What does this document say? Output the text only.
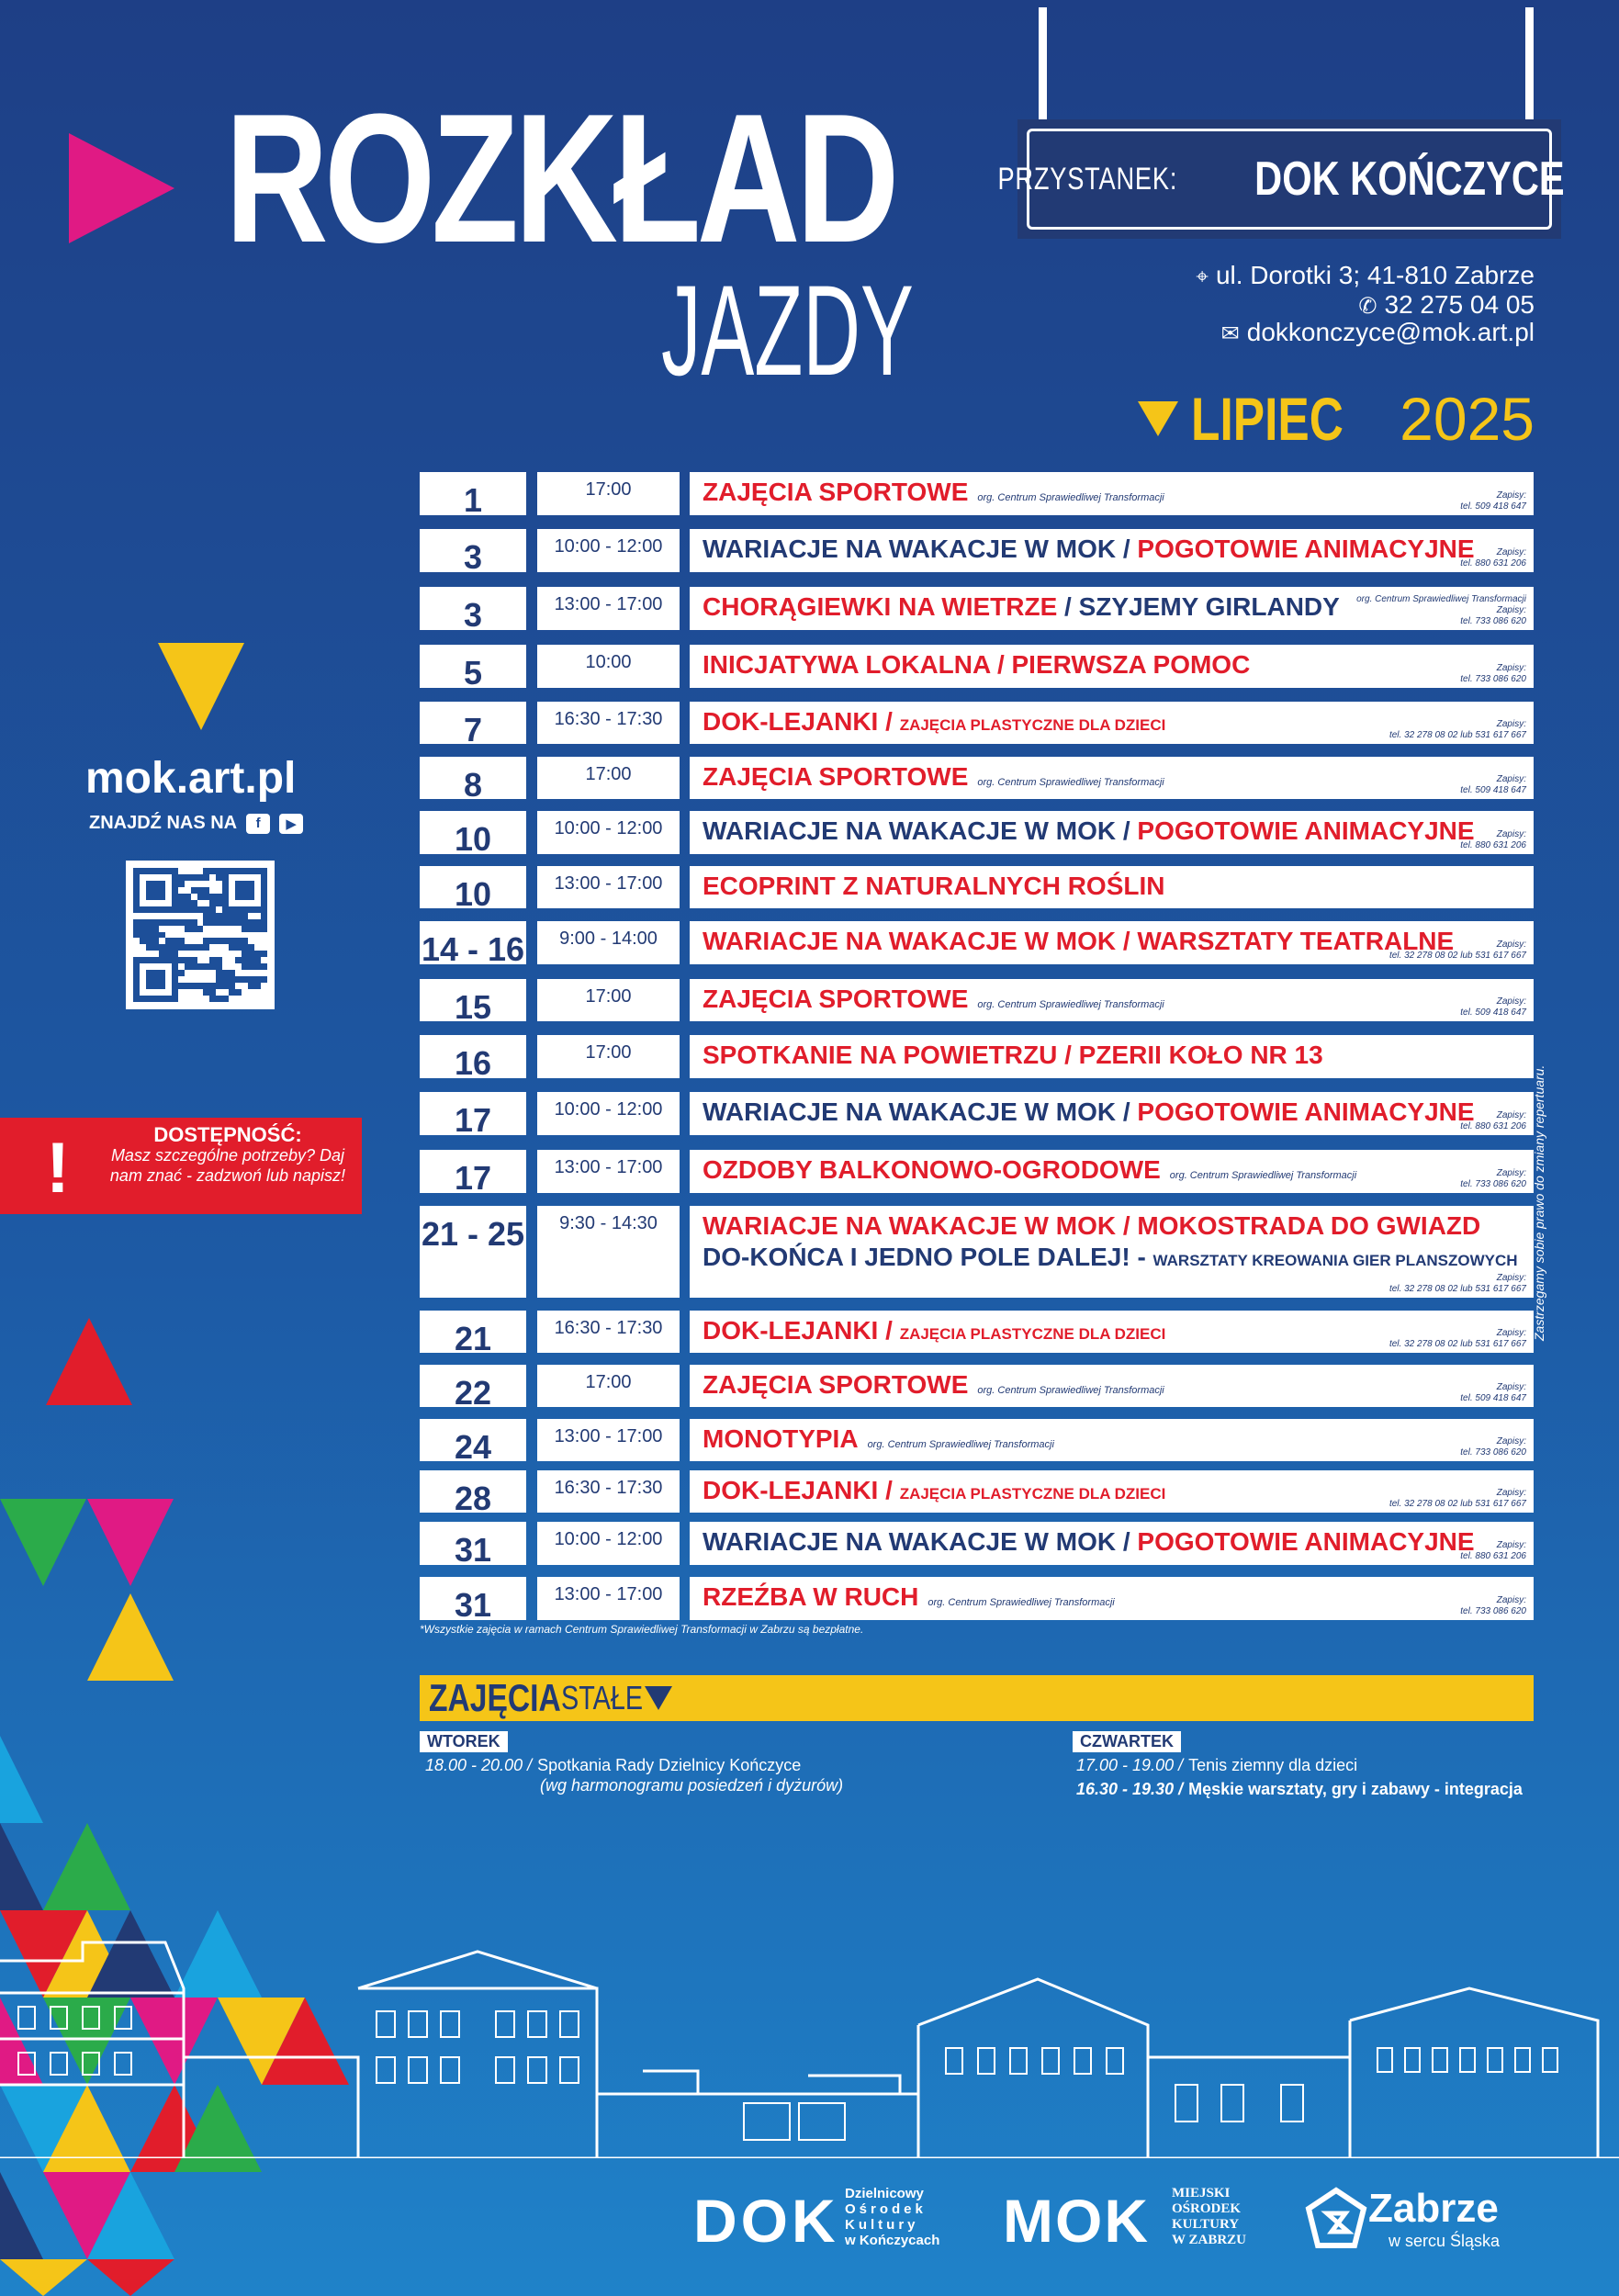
ROZKŁAD
JAZDY
PRZYSTANEK: DOK KOŃCZYCE
⌖ ul. Dorotki 3; 41-810 Zabrze
✆ 32 275 04 05
✉ dokkonczyce@mok.art.pl
LIPIEC 2025
mok.art.pl
ZNAJDŹ NAS NA	f	▶
!	DOSTĘPNOŚĆ:
Masz szczególne potrzeby? Daj nam znać - zadzwoń lub napisz!
1	17:00	ZAJĘCIA SPORTOWE org. Centrum Sprawiedliwej Transformacji	Zapisy:
tel. 509 418 647
3	10:00 - 12:00	WARIACJE NA WAKACJE W MOK / POGOTOWIE ANIMACYJNE	Zapisy:
tel. 880 631 206
3	13:00 - 17:00	CHORĄGIEWKI NA WIETRZE / SZYJEMY GIRLANDY org. Centrum Sprawiedliwej Transformacji
Zapisy:
tel. 733 086 620
5	10:00	INICJATYWA LOKALNA / PIERWSZA POMOC	Zapisy:
tel. 733 086 620
7	16:30 - 17:30	DOK-LEJANKI / ZAJĘCIA PLASTYCZNE DLA DZIECI	Zapisy:
tel. 32 278 08 02 lub 531 617 667
8	17:00	ZAJĘCIA SPORTOWE org. Centrum Sprawiedliwej Transformacji	Zapisy:
tel. 509 418 647
10	10:00 - 12:00	WARIACJE NA WAKACJE W MOK / POGOTOWIE ANIMACYJNE	Zapisy:
tel. 880 631 206
10	13:00 - 17:00	ECOPRINT Z NATURALNYCH ROŚLIN
14 - 16	9:00 - 14:00	WARIACJE NA WAKACJE W MOK / WARSZTATY TEATRALNE	Zapisy:
tel. 32 278 08 02 lub 531 617 667
15	17:00	ZAJĘCIA SPORTOWE org. Centrum Sprawiedliwej Transformacji	Zapisy:
tel. 509 418 647
16	17:00	SPOTKANIE NA POWIETRZU / PZERII KOŁO NR 13
17	10:00 - 12:00	WARIACJE NA WAKACJE W MOK / POGOTOWIE ANIMACYJNE	Zapisy:
tel. 880 631 206
17	13:00 - 17:00	OZDOBY BALKONOWO-OGRODOWE org. Centrum Sprawiedliwej Transformacji	Zapisy:
tel. 733 086 620
21 - 25	9:30 - 14:30	WARIACJE NA WAKACJE W MOK / MOKOSTRADA DO GWIAZD
DO-KOŃCA I JEDNO POLE DALEJ! - WARSZTATY KREOWANIA GIER PLANSZOWYCH
Zapisy:
tel. 32 278 08 02 lub 531 617 667
21	16:30 - 17:30	DOK-LEJANKI / ZAJĘCIA PLASTYCZNE DLA DZIECI	Zapisy:
tel. 32 278 08 02 lub 531 617 667
22	17:00	ZAJĘCIA SPORTOWE org. Centrum Sprawiedliwej Transformacji	Zapisy:
tel. 509 418 647
24	13:00 - 17:00	MONOTYPIA org. Centrum Sprawiedliwej Transformacji	Zapisy:
tel. 733 086 620
28	16:30 - 17:30	DOK-LEJANKI / ZAJĘCIA PLASTYCZNE DLA DZIECI	Zapisy:
tel. 32 278 08 02 lub 531 617 667
31	10:00 - 12:00	WARIACJE NA WAKACJE W MOK / POGOTOWIE ANIMACYJNE	Zapisy:
tel. 880 631 206
31	13:00 - 17:00	RZEŹBA W RUCH org. Centrum Sprawiedliwej Transformacji	Zapisy:
tel. 733 086 620
*Wszystkie zajęcia w ramach Centrum Sprawiedliwej Transformacji w Zabrzu są bezpłatne.
Zastrzegamy sobie prawo do zmiany repertuaru.
ZAJĘCIA STAŁE
WTOREK
18.00 - 20.00 / Spotkania Rady Dzielnicy Kończyce
(wg harmonogramu posiedzeń i dyżurów)
CZWARTEK
17.00 - 19.00 / Tenis ziemny dla dzieci
16.30 - 19.30 / Męskie warsztaty, gry i zabawy - integracja
DOK Dzielnicowy
Ośrodek
Kultury
w Kończycach MOK MIEJSKI
OŚRODEK
KULTURY
W ZABRZU
Zabrze
w sercu Śląska
